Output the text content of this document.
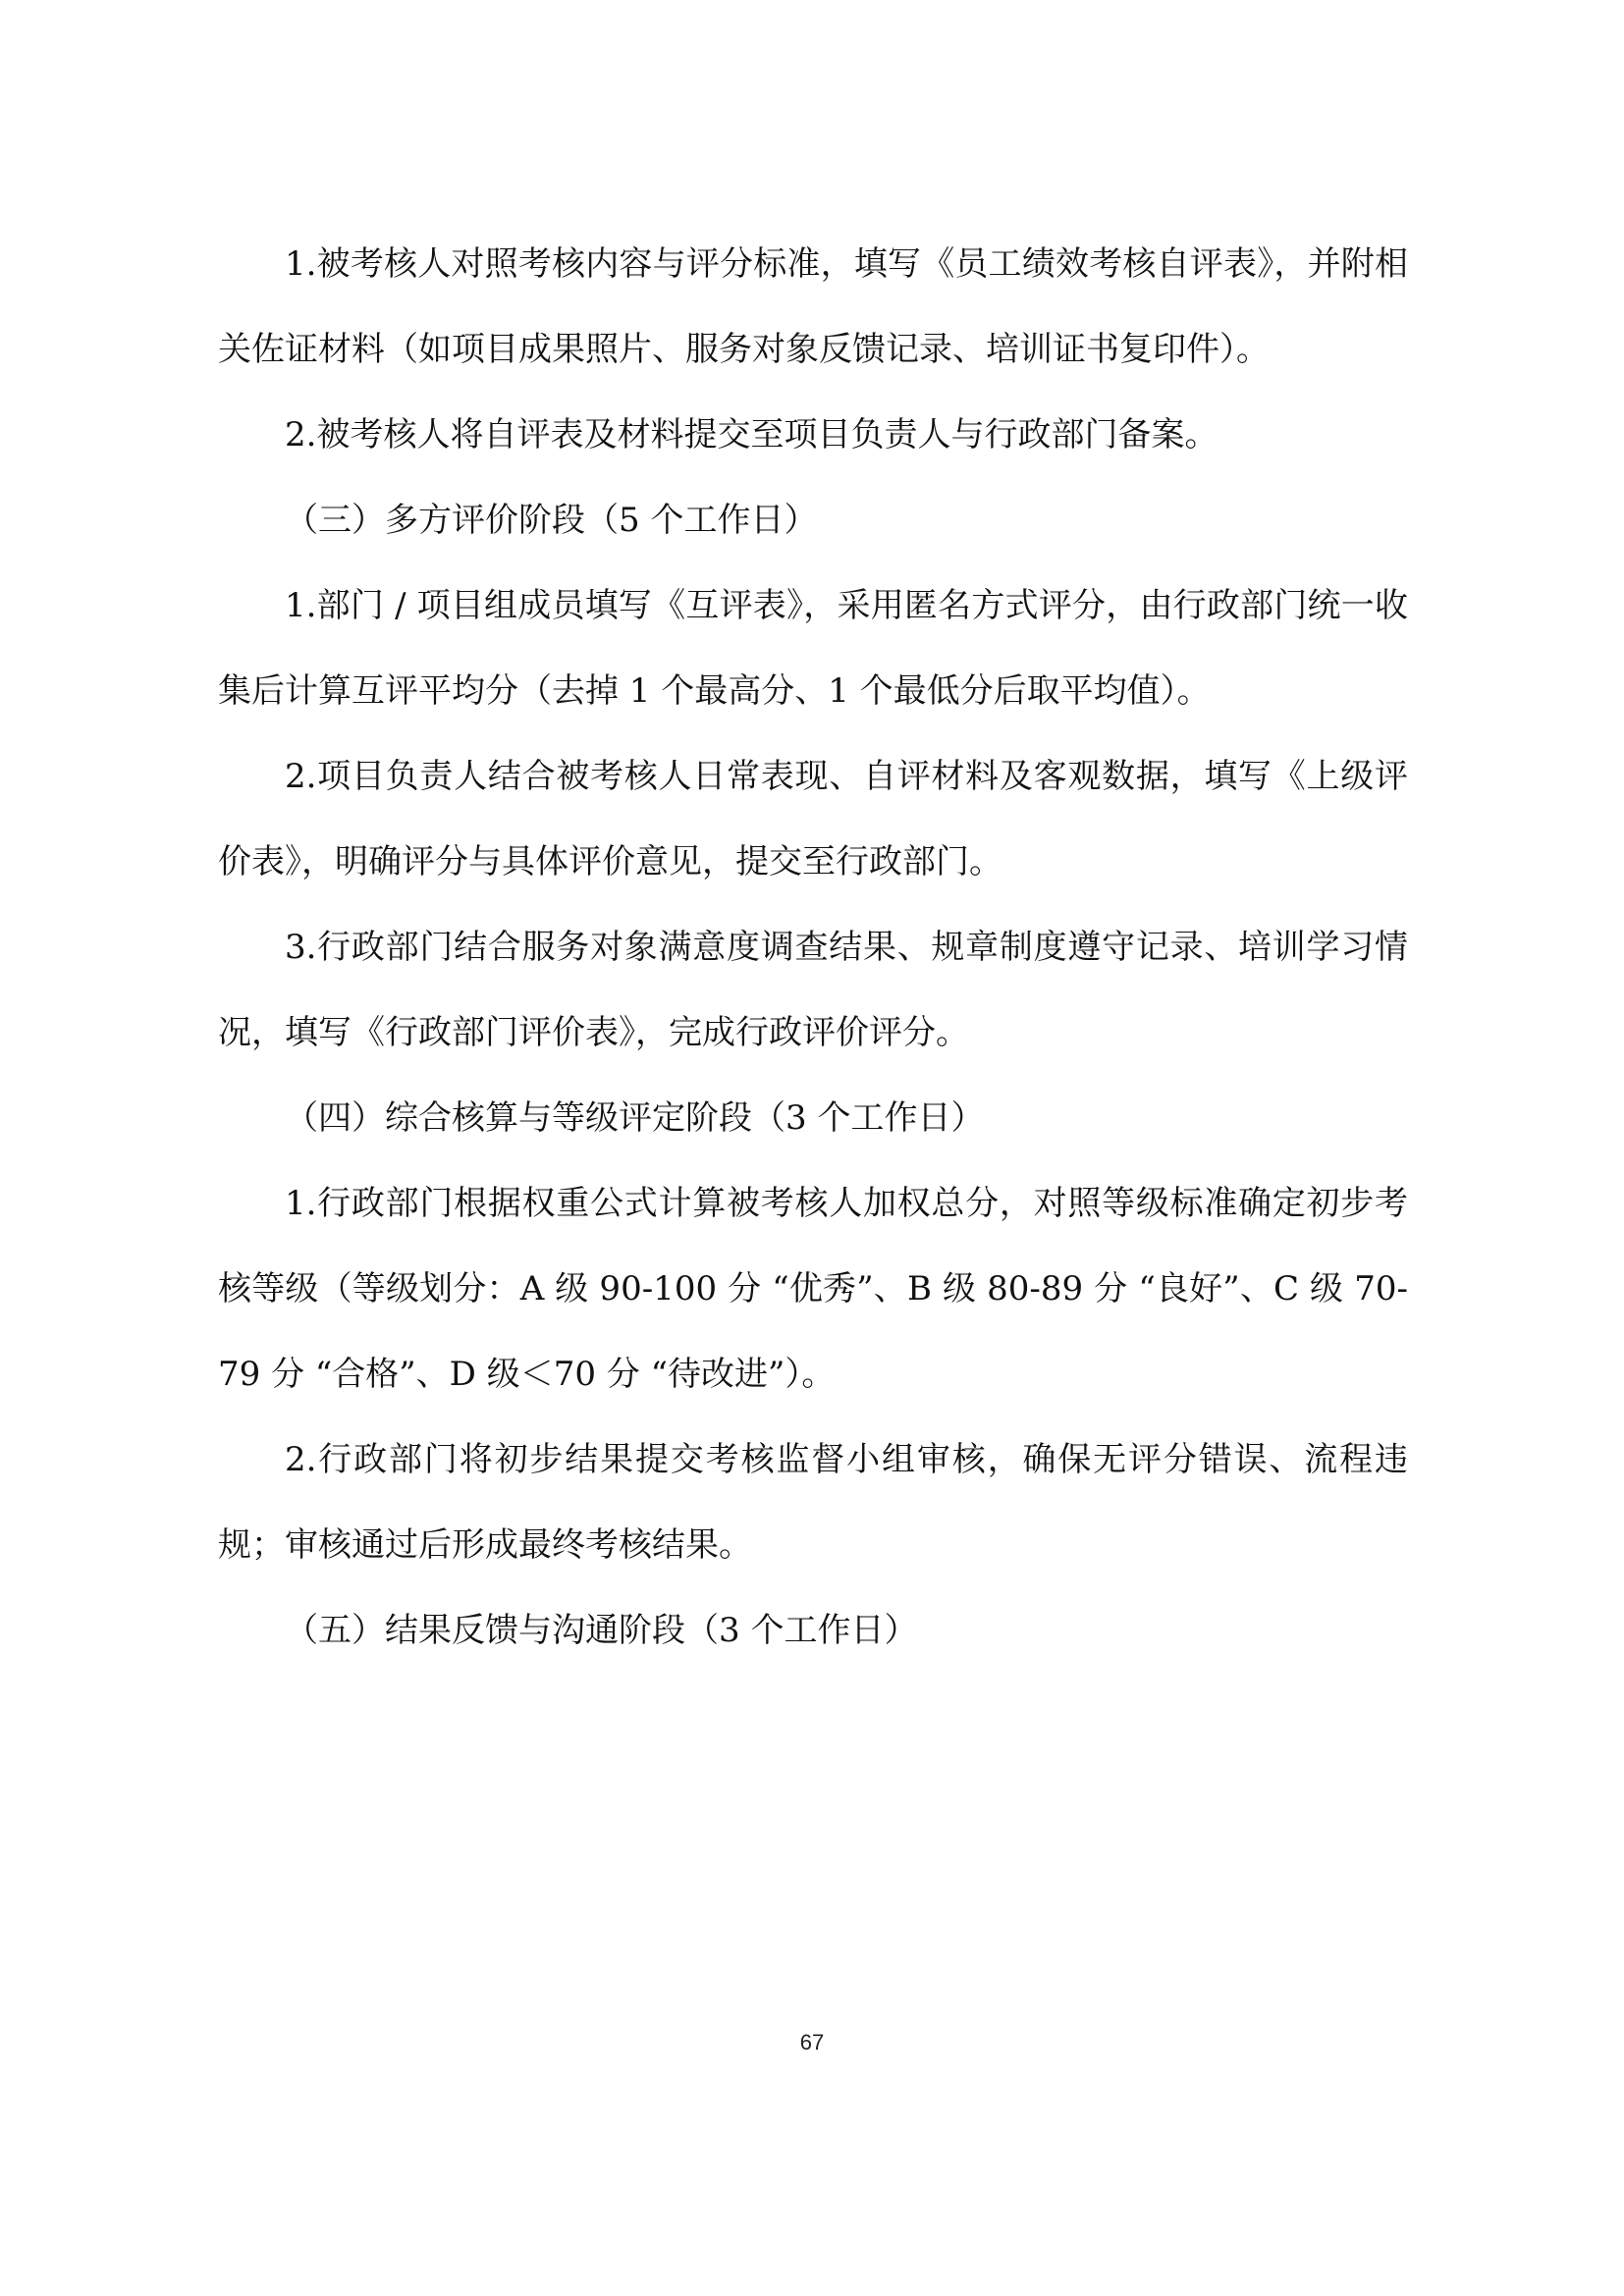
1.被考核人对照考核内容与评分标准，填写《员工绩效考核自评表》，并附相关佐证材料（如项目成果照片、服务对象反馈记录、培训证书复印件）。

2.被考核人将自评表及材料提交至项目负责人与行政部门备案。

（三）多方评价阶段（5 个工作日）

1.部门 / 项目组成员填写《互评表》，采用匿名方式评分，由行政部门统一收集后计算互评平均分（去掉 1 个最高分、1 个最低分后取平均值）。

2.项目负责人结合被考核人日常表现、自评材料及客观数据，填写《上级评价表》，明确评分与具体评价意见，提交至行政部门。

3.行政部门结合服务对象满意度调查结果、规章制度遵守记录、培训学习情况，填写《行政部门评价表》，完成行政评价评分。

（四）综合核算与等级评定阶段（3 个工作日）

1.行政部门根据权重公式计算被考核人加权总分，对照等级标准确定初步考核等级（等级划分：A 级 90-100 分 “优秀”、B 级 80-89 分 “良好”、C 级 70-79 分 “合格”、D 级＜70 分 “待改进”）。

2.行政部门将初步结果提交考核监督小组审核，确保无评分错误、流程违规；审核通过后形成最终考核结果。

（五）结果反馈与沟通阶段（3 个工作日）

67
